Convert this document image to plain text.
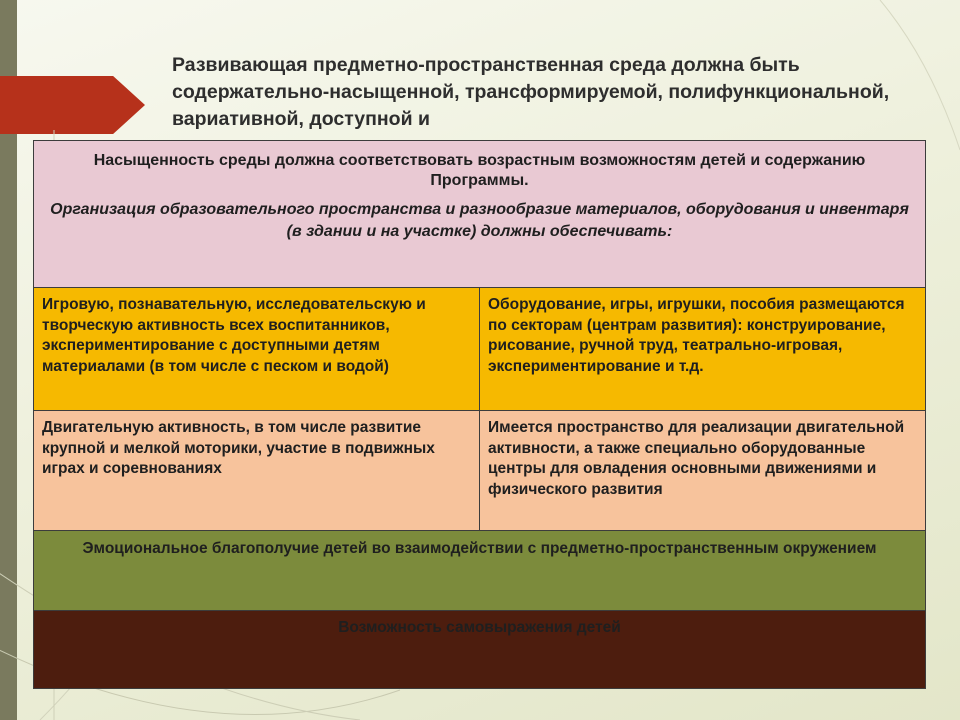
Развивающая предметно-пространственная среда должна быть содержательно-насыщенной, трансформируемой, полифункциональной, вариативной, доступной и
Насыщенность среды должна соответствовать возрастным возможностям детей и содержанию Программы.
Организация образовательного пространства и разнообразие материалов, оборудования и инвентаря (в здании и на участке) должны обеспечивать:
Игровую, познавательную, исследовательскую и творческую активность всех воспитанников, экспериментирование с доступными детям материалами (в том числе с песком и водой)
Оборудование, игры, игрушки, пособия размещаются по секторам (центрам развития): конструирование, рисование, ручной труд, театрально-игровая, экспериментирование и т.д.
Двигательную активность, в том числе развитие крупной и мелкой моторики, участие в подвижных играх и соревнованиях
Имеется пространство для реализации двигательной активности, а также специально оборудованные центры для овладения основными движениями и физического развития
Эмоциональное благополучие детей во взаимодействии с предметно-пространственным окружением
Возможность самовыражения детей
